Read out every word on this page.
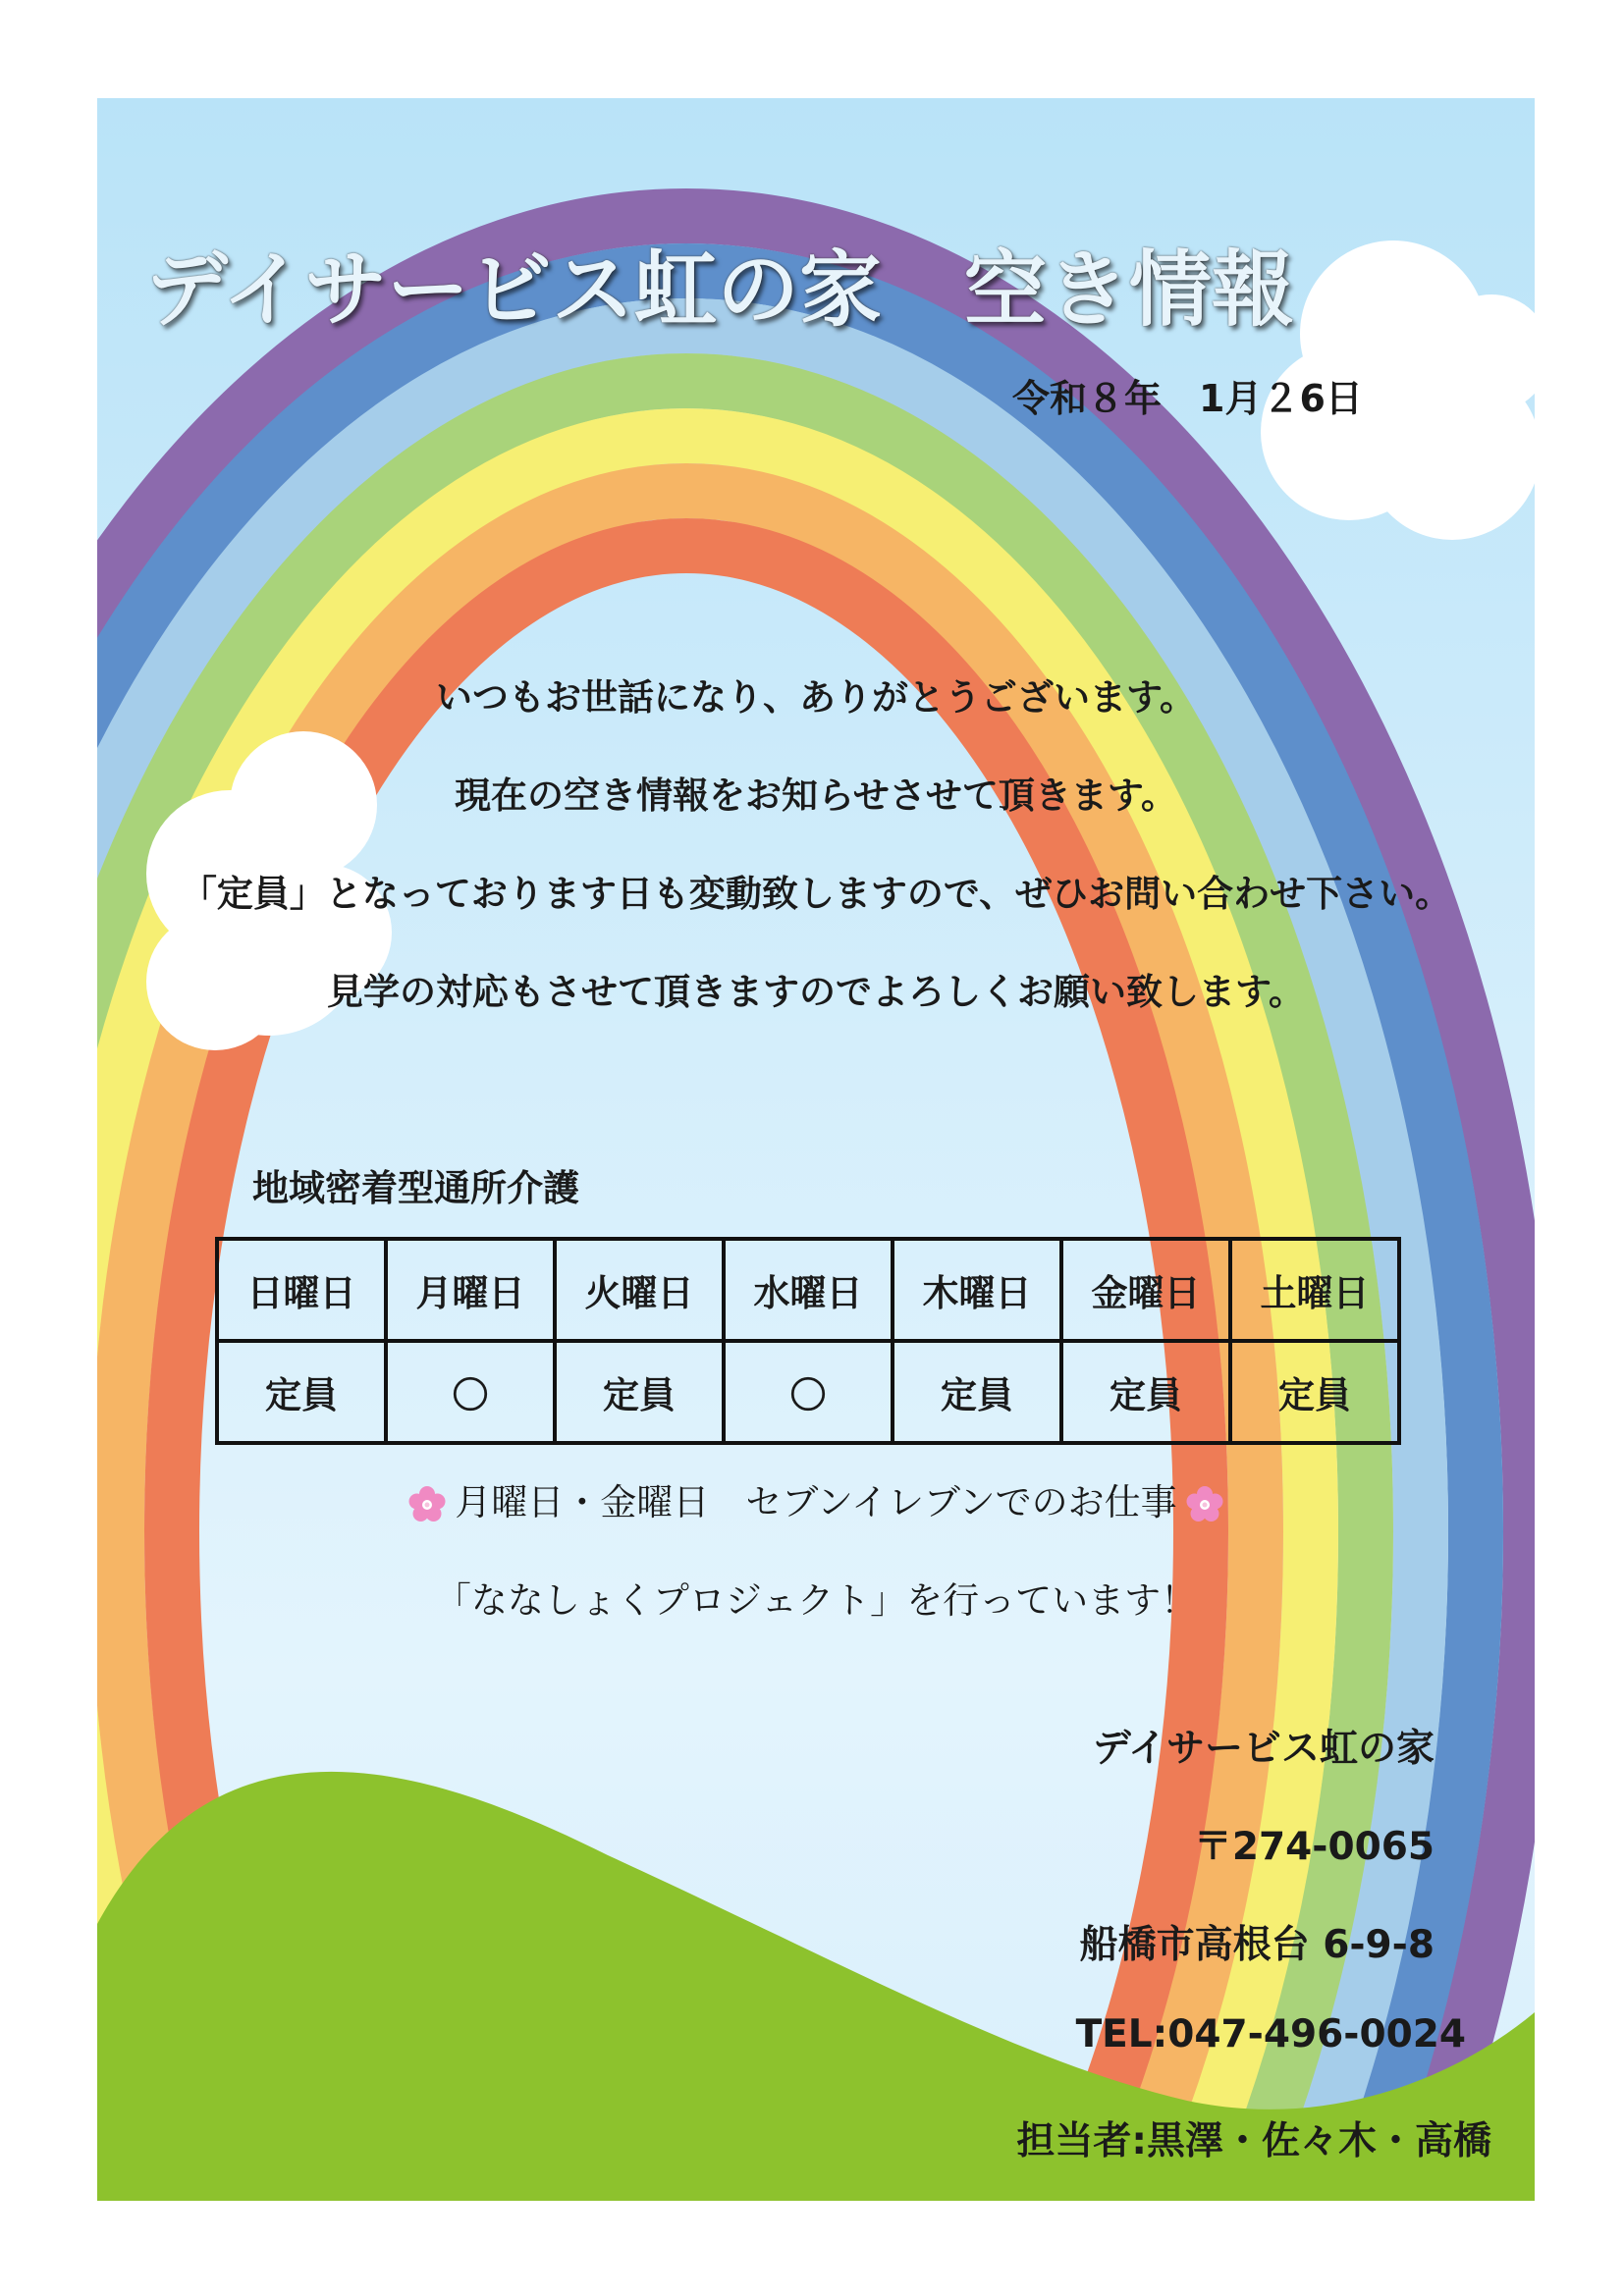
デイサービス虹の家　空き情報
令和８年　1月２6日
いつもお世話になり、ありがとうございます。
現在の空き情報をお知らせさせて頂きます。
「定員」となっております日も変動致しますので、ぜひお問い合わせ下さい。
見学の対応もさせて頂きますのでよろしくお願い致します。
地域密着型通所介護
日曜日	月曜日	火曜日	水曜日	木曜日	金曜日	土曜日
定員	〇	定員	〇	定員	定員	定員
月曜日・金曜日　セブンイレブンでのお仕事
「ななしょくプロジェクト」を行っています！
デイサービス虹の家
〒274-0065
船橋市高根台 6-9-8
TEL:047-496-0024
担当者:黒澤・佐々木・高橋
